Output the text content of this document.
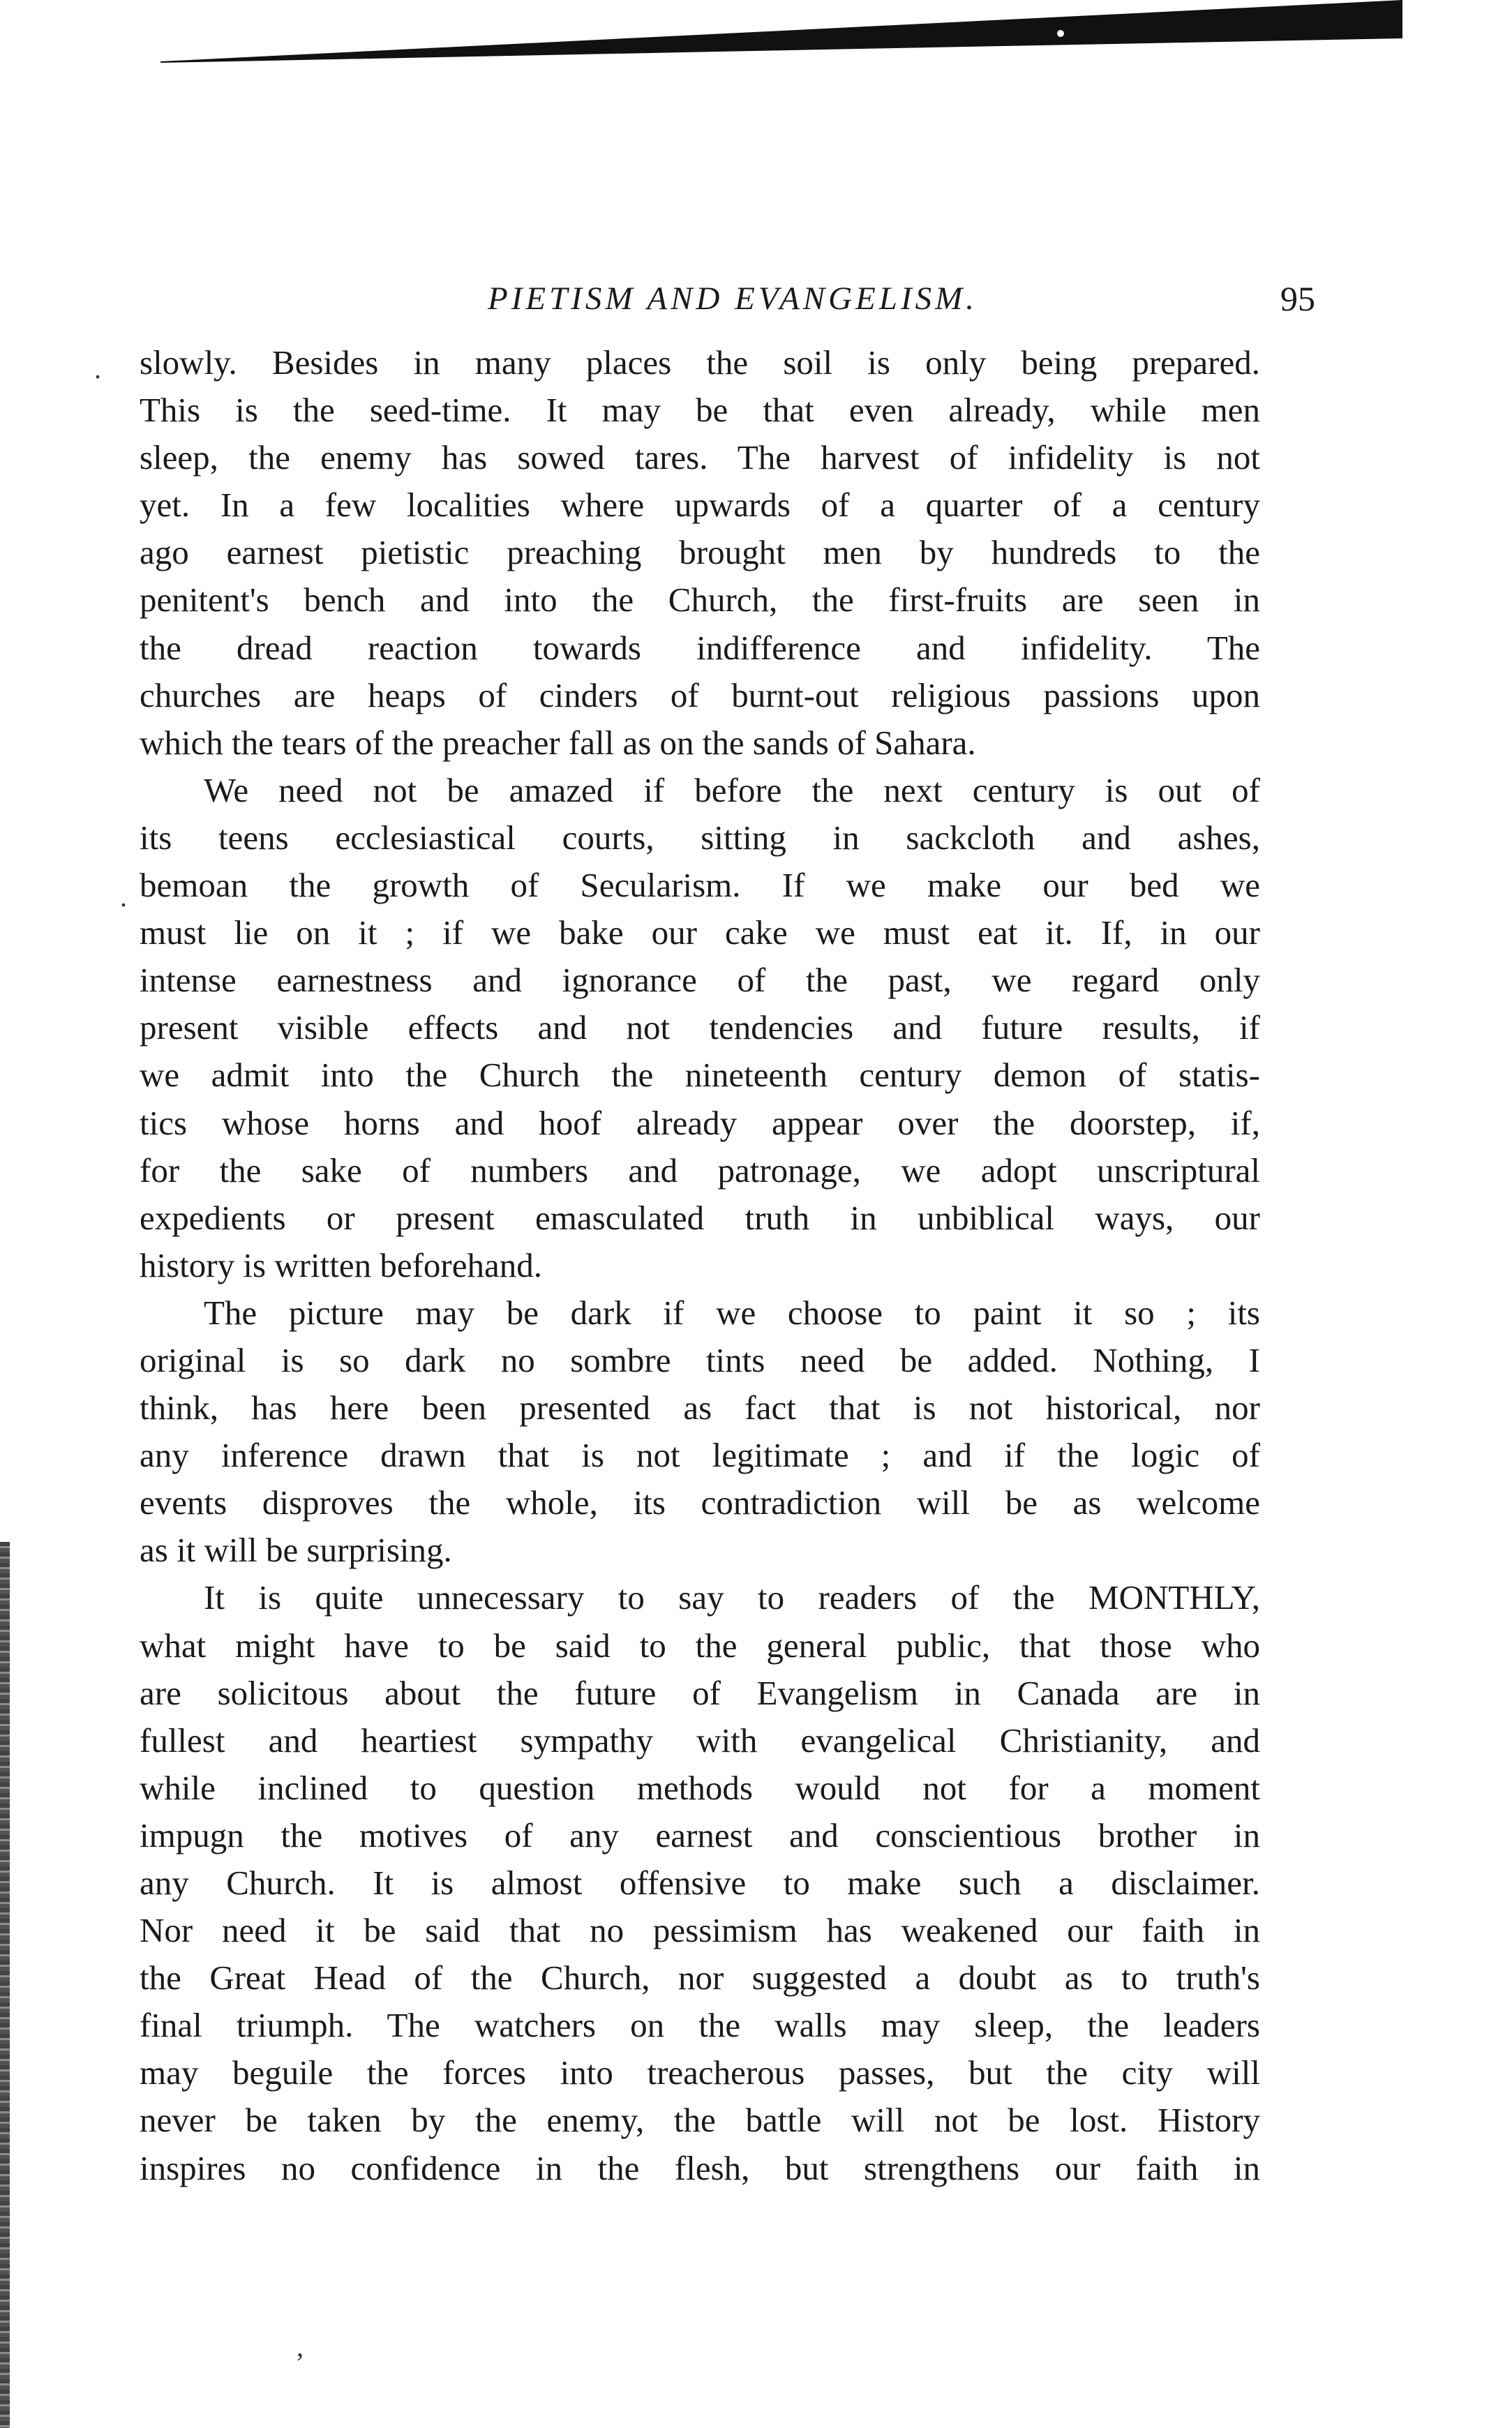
PIETISM AND EVANGELISM.	95
slowly. Besides in many places the soil is only being prepared.
This is the seed-time. It may be that even already, while men
sleep, the enemy has sowed tares. The harvest of infidelity is not
yet. In a few localities where upwards of a quarter of a century
ago earnest pietistic preaching brought men by hundreds to the
penitent's bench and into the Church, the first-fruits are seen in
the dread reaction towards indifference and infidelity. The
churches are heaps of cinders of burnt-out religious passions upon
which the tears of the preacher fall as on the sands of Sahara.
We need not be amazed if before the next century is out of
its teens ecclesiastical courts, sitting in sackcloth and ashes,
bemoan the growth of Secularism. If we make our bed we
must lie on it ; if we bake our cake we must eat it. If, in our
intense earnestness and ignorance of the past, we regard only
present visible effects and not tendencies and future results, if
we admit into the Church the nineteenth century demon of statis-
tics whose horns and hoof already appear over the doorstep, if,
for the sake of numbers and patronage, we adopt unscriptural
expedients or present emasculated truth in unbiblical ways, our
history is written beforehand.
The picture may be dark if we choose to paint it so ; its
original is so dark no sombre tints need be added. Nothing, I
think, has here been presented as fact that is not historical, nor
any inference drawn that is not legitimate ; and if the logic of
events disproves the whole, its contradiction will be as welcome
as it will be surprising.
It is quite unnecessary to say to readers of the MONTHLY,
what might have to be said to the general public, that those who
are solicitous about the future of Evangelism in Canada are in
fullest and heartiest sympathy with evangelical Christianity, and
while inclined to question methods would not for a moment
impugn the motives of any earnest and conscientious brother in
any Church. It is almost offensive to make such a disclaimer.
Nor need it be said that no pessimism has weakened our faith in
the Great Head of the Church, nor suggested a doubt as to truth's
final triumph. The watchers on the walls may sleep, the leaders
may beguile the forces into treacherous passes, but the city will
never be taken by the enemy, the battle will not be lost. History
inspires no confidence in the flesh, but strengthens our faith in
.
.
,
